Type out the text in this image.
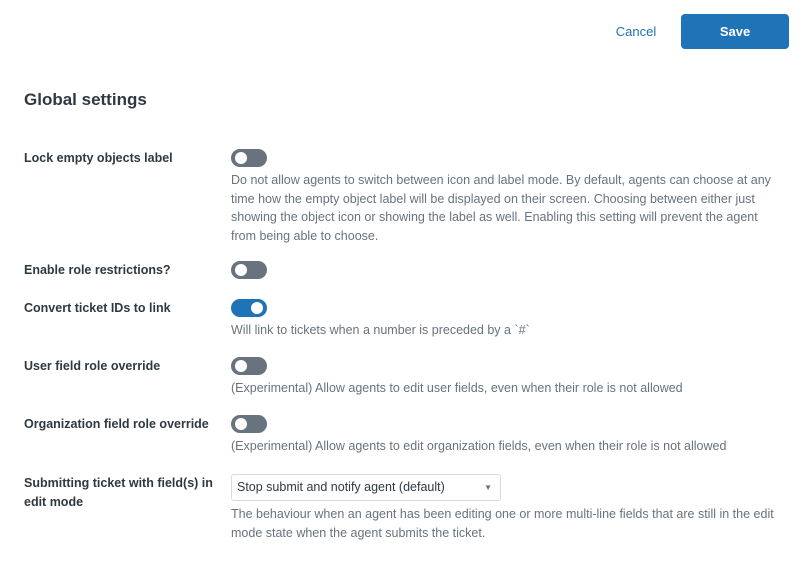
Cancel	Save
Global settings
Lock empty objects label
Do not allow agents to switch between icon and label mode. By default, agents can choose at any time how the empty object label will be displayed on their screen. Choosing between either just showing the object icon or showing the label as well. Enabling this setting will prevent the agent from being able to choose.
Enable role restrictions?
Convert ticket IDs to link
Will link to tickets when a number is preceded by a `#`
User field role override
(Experimental) Allow agents to edit user fields, even when their role is not allowed
Organization field role override
(Experimental) Allow agents to edit organization fields, even when their role is not allowed
Submitting ticket with field(s) in edit mode
Stop submit and notify agent (default)	▼
The behaviour when an agent has been editing one or more multi-line fields that are still in the edit mode state when the agent submits the ticket.
